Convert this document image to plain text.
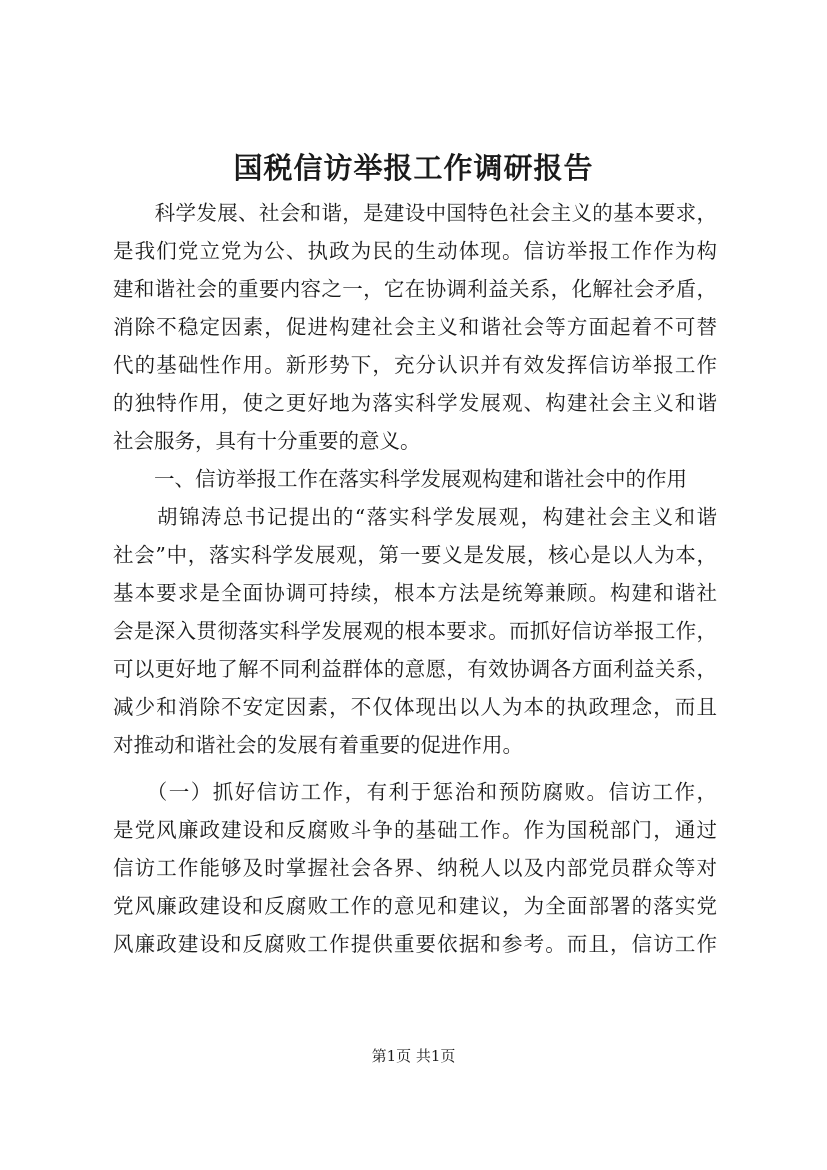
国税信访举报工作调研报告
　　科学发展、社会和谐，是建设中国特色社会主义的基本要求，
是我们党立党为公、执政为民的生动体现。信访举报工作作为构
建和谐社会的重要内容之一，它在协调利益关系，化解社会矛盾，
消除不稳定因素，促进构建社会主义和谐社会等方面起着不可替
代的基础性作用。新形势下，充分认识并有效发挥信访举报工作
的独特作用，使之更好地为落实科学发展观、构建社会主义和谐
社会服务，具有十分重要的意义。
　　一、信访举报工作在落实科学发展观构建和谐社会中的作用
　　胡锦涛总书记提出的“落实科学发展观，构建社会主义和谐
社会”中，落实科学发展观，第一要义是发展，核心是以人为本，
基本要求是全面协调可持续，根本方法是统筹兼顾。构建和谐社
会是深入贯彻落实科学发展观的根本要求。而抓好信访举报工作，
可以更好地了解不同利益群体的意愿，有效协调各方面利益关系，
减少和消除不安定因素，不仅体现出以人为本的执政理念，而且
对推动和谐社会的发展有着重要的促进作用。
　　（一）抓好信访工作，有利于惩治和预防腐败。信访工作，
是党风廉政建设和反腐败斗争的基础工作。作为国税部门，通过
信访工作能够及时掌握社会各界、纳税人以及内部党员群众等对
党风廉政建设和反腐败工作的意见和建议，为全面部署的落实党
风廉政建设和反腐败工作提供重要依据和参考。而且，信访工作
第1页 共1页
